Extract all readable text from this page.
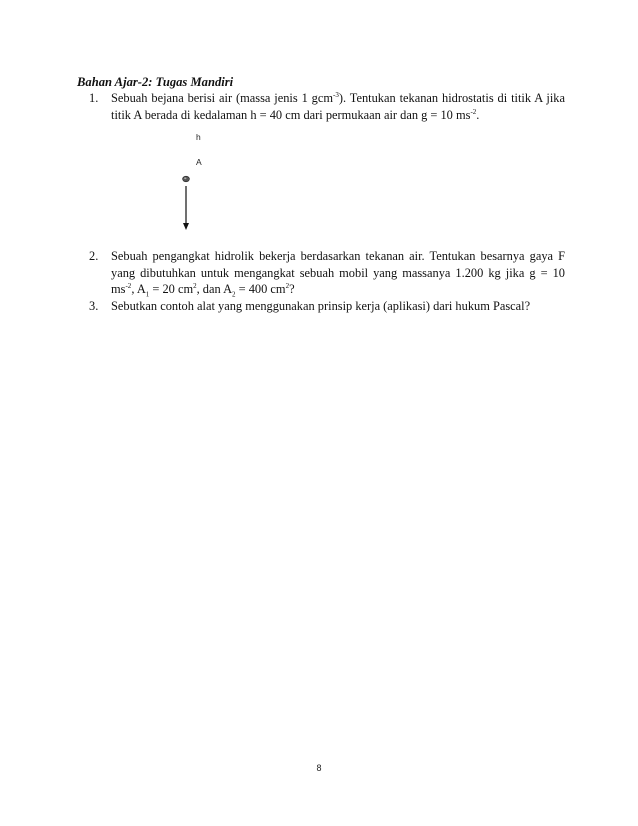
Bahan Ajar-2: Tugas Mandiri
1. Sebuah bejana berisi air (massa jenis 1 gcm$^{-3}$). Tentukan tekanan hidrostatis di titik A jika
titik A berada di kedalaman h = 40 cm dari permukaan air dan g = 10 $ms^{-2}$.
h
A
2. Sebuah pengangkat hidrolik bekerja berdasarkan tekanan air. Tentukan besarnya gaya F
yang dibutuhkan untuk mengangkat sebuah mobil yang massanya 1.200 kg jika g = 10
$ms^{-2}$, $A_1 = 20$ $cm^2$, dan $A_2 = 400$ $cm^2$?
3. Sebutkan contoh alat yang menggunakan prinsip kerja (aplikasi) dari hukum Pascal?
8
